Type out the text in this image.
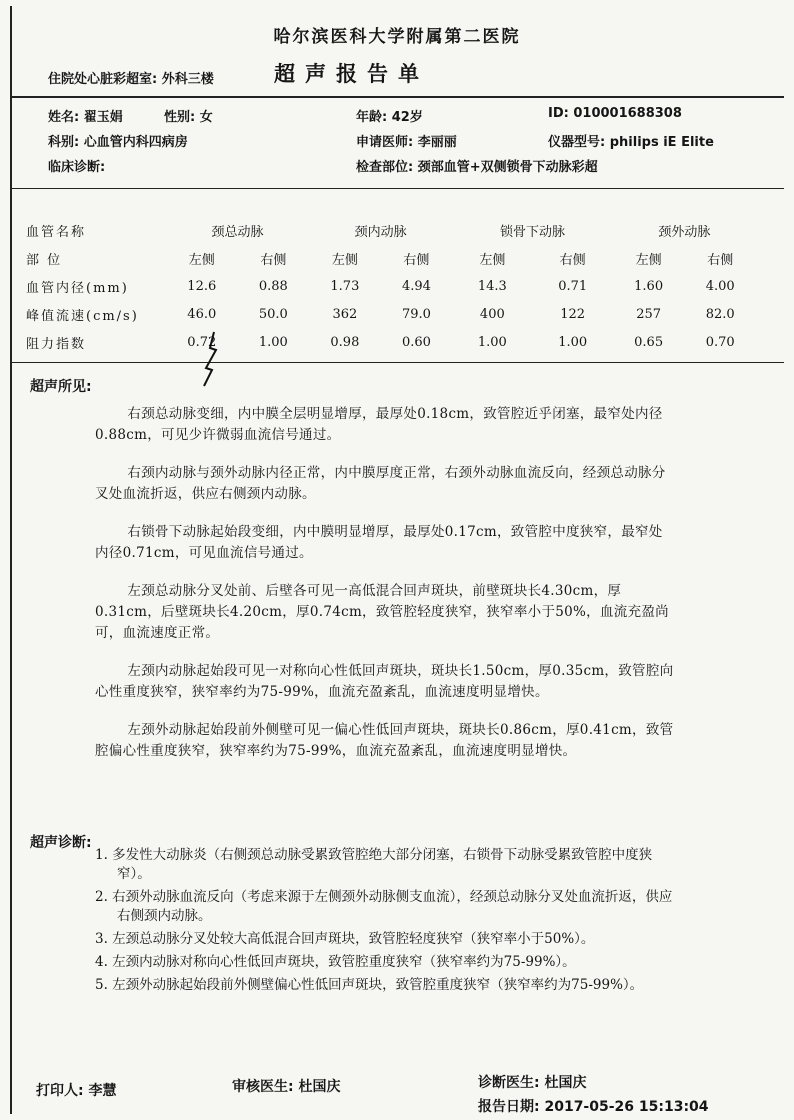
哈尔滨医科大学附属第二医院
住院处心脏彩超室: 外科三楼	超声报告单
姓名: 翟玉娟	性别: 女	年龄: 42岁	ID: 010001688308
科别: 心血管内科四病房	申请医师: 李丽丽	仪器型号: philips iE Elite
临床诊断:	检查部位: 颈部血管+双侧锁骨下动脉彩超
血管名称	颈总动脉		颈内动脉		锁骨下动脉		颈外动脉	
部 位	左侧	右侧	左侧	右侧	左侧	右侧	左侧	右侧
血管内径(mm)	12.6	0.88	1.73	4.94	14.3	0.71	1.60	4.00
峰值流速(cm/s)	46.0	50.0	362	79.0	400	122	257	82.0
阻力指数	0.72	1.00	0.98	0.60	1.00	1.00	0.65	0.70
超声所见:

右颈总动脉变细，内中膜全层明显增厚，最厚处0.18cm，致管腔近乎闭塞，最窄处内径0.88cm，可见少许微弱血流信号通过。

右颈内动脉与颈外动脉内径正常，内中膜厚度正常，右颈外动脉血流反向，经颈总动脉分叉处血流折返，供应右侧颈内动脉。

右锁骨下动脉起始段变细，内中膜明显增厚，最厚处0.17cm，致管腔中度狭窄，最窄处内径0.71cm，可见血流信号通过。

左颈总动脉分叉处前、后壁各可见一高低混合回声斑块，前壁斑块长4.30cm，厚0.31cm，后壁斑块长4.20cm，厚0.74cm，致管腔轻度狭窄，狭窄率小于50%，血流充盈尚可，血流速度正常。

左颈内动脉起始段可见一对称向心性低回声斑块，斑块长1.50cm，厚0.35cm，致管腔向心性重度狭窄，狭窄率约为75-99%，血流充盈紊乱，血流速度明显增快。

左颈外动脉起始段前外侧壁可见一偏心性低回声斑块，斑块长0.86cm，厚0.41cm，致管腔偏心性重度狭窄，狭窄率约为75-99%，血流充盈紊乱，血流速度明显增快。

超声诊断:
1. 多发性大动脉炎（右侧颈总动脉受累致管腔绝大部分闭塞，右锁骨下动脉受累致管腔中度狭窄）。
2. 右颈外动脉血流反向（考虑来源于左侧颈外动脉侧支血流），经颈总动脉分叉处血流折返，供应右侧颈内动脉。
3. 左颈总动脉分叉处较大高低混合回声斑块，致管腔轻度狭窄（狭窄率小于50%）。
4. 左颈内动脉对称向心性低回声斑块，致管腔重度狭窄（狭窄率约为75-99%）。
5. 左颈外动脉起始段前外侧壁偏心性低回声斑块，致管腔重度狭窄（狭窄率约为75-99%）。
打印人: 李慧	审核医生: 杜国庆	诊断医生: 杜国庆
报告日期: 2017-05-26 15:13:04
